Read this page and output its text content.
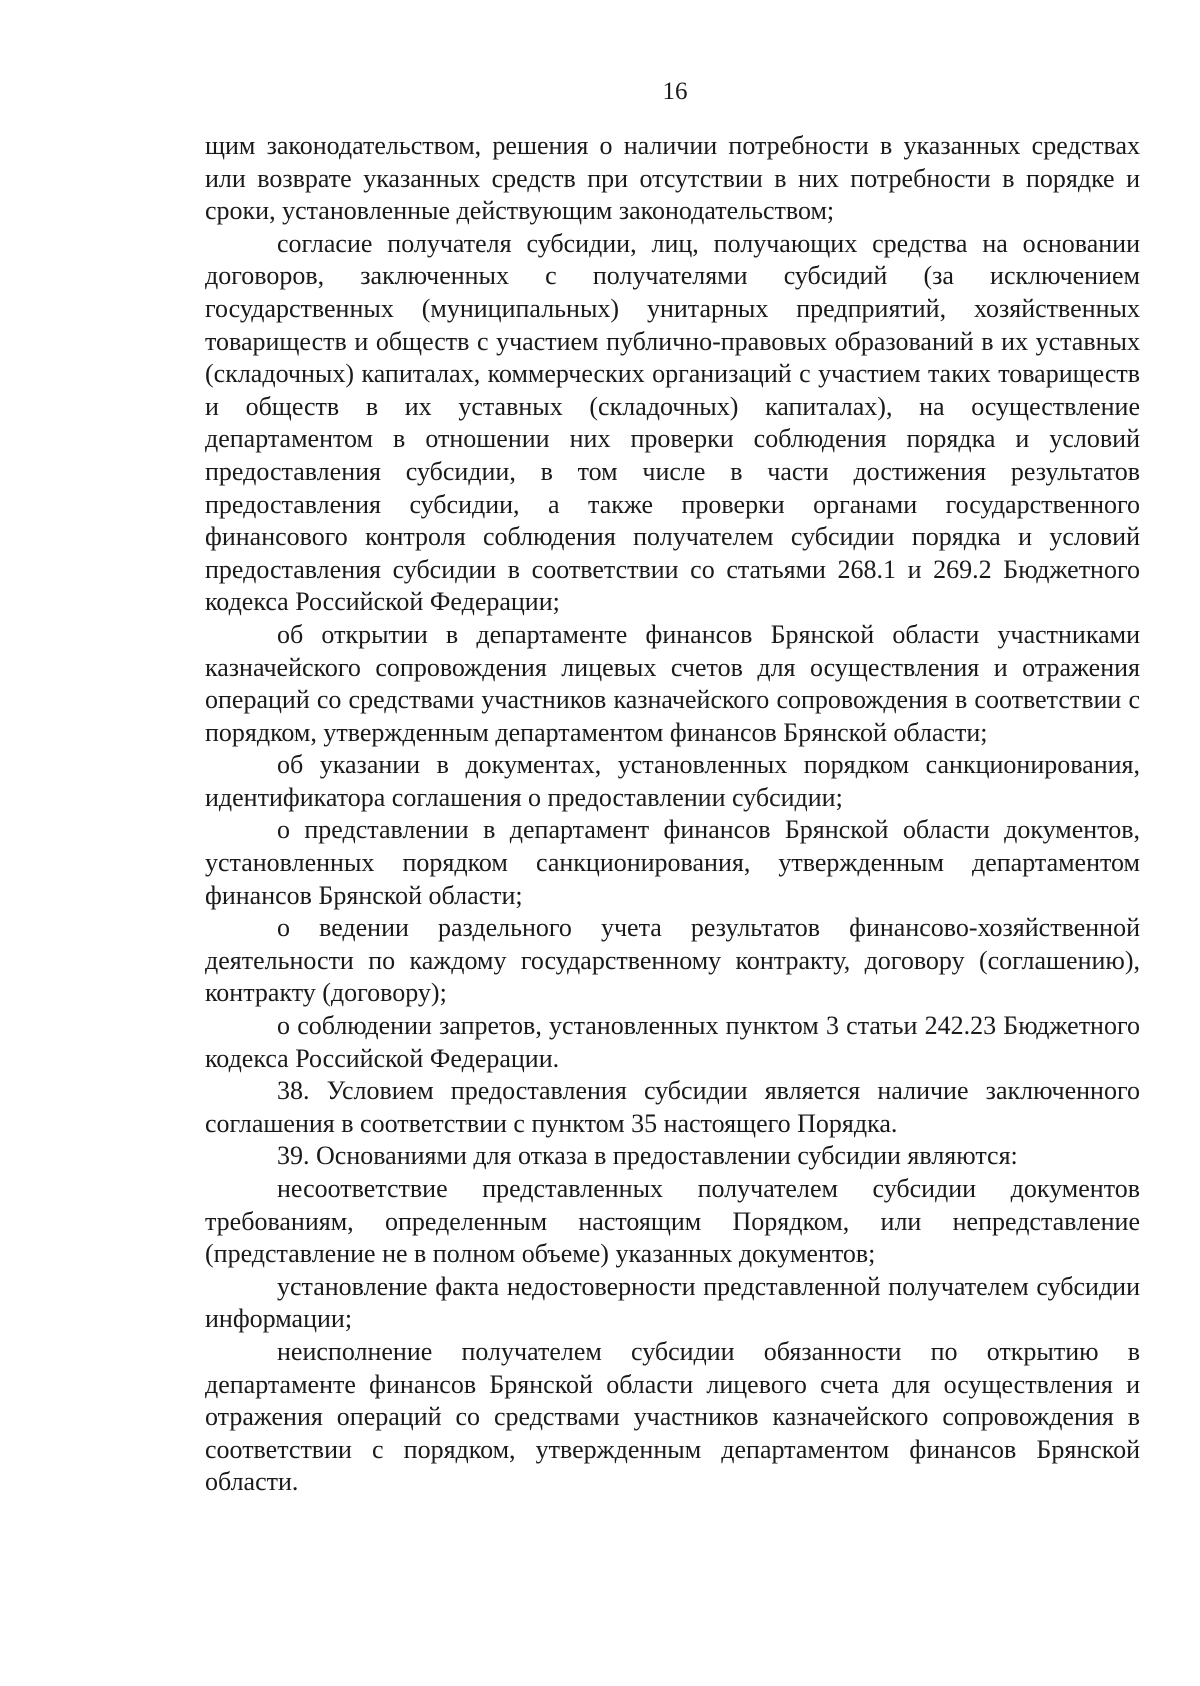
16

щим законодательством, решения о наличии потребности в указанных средствах или возврате указанных средств при отсутствии в них потребности в порядке и сроки, установленные действующим законодательством;

согласие получателя субсидии, лиц, получающих средства на основании договоров, заключенных с получателями субсидий (за исключением государственных (муниципальных) унитарных предприятий, хозяйственных товариществ и обществ с участием публично-правовых образований в их уставных (складочных) капиталах, коммерческих организаций с участием таких товариществ и обществ в их уставных (складочных) капиталах), на осуществление департаментом в отношении них проверки соблюдения порядка и условий предоставления субсидии, в том числе в части достижения результатов предоставления субсидии, а также проверки органами государственного финансового контроля соблюдения получателем субсидии порядка и условий предоставления субсидии в соответствии со статьями 268.1 и 269.2 Бюджетного кодекса Российской Федерации;

об открытии в департаменте финансов Брянской области участниками казначейского сопровождения лицевых счетов для осуществления и отражения операций со средствами участников казначейского сопровождения в соответствии с порядком, утвержденным департаментом финансов Брянской области;

об указании в документах, установленных порядком санкционирования, идентификатора соглашения о предоставлении субсидии;

о представлении в департамент финансов Брянской области документов, установленных порядком санкционирования, утвержденным департаментом финансов Брянской области;

о ведении раздельного учета результатов финансово-хозяйственной деятельности по каждому государственному контракту, договору (соглашению), контракту (договору);

о соблюдении запретов, установленных пунктом 3 статьи 242.23 Бюджетного кодекса Российской Федерации.

38. Условием предоставления субсидии является наличие заключенного соглашения в соответствии с пунктом 35 настоящего Порядка.

39. Основаниями для отказа в предоставлении субсидии являются:

несоответствие представленных получателем субсидии документов требованиям, определенным настоящим Порядком, или непредставление (представление не в полном объеме) указанных документов;

установление факта недостоверности представленной получателем субсидии информации;

неисполнение получателем субсидии обязанности по открытию в департаменте финансов Брянской области лицевого счета для осуществления и отражения операций со средствами участников казначейского сопровождения в соответствии с порядком, утвержденным департаментом финансов Брянской области.
